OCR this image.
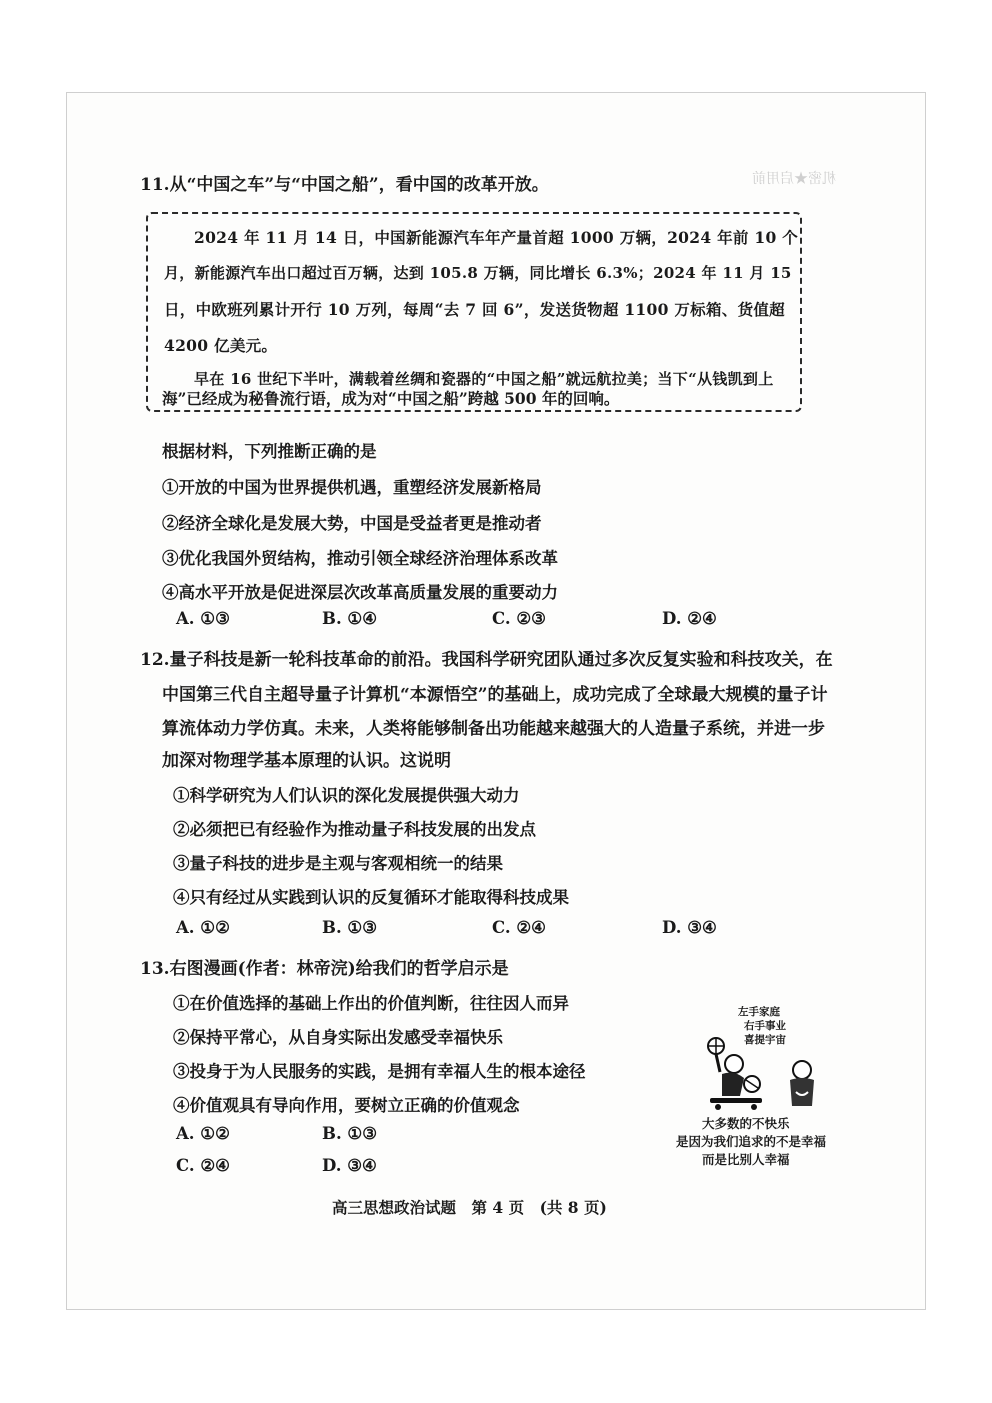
机密★启用前
11.从“中国之车”与“中国之船”，看中国的改革开放。
2024 年 11 月 14 日，中国新能源汽车年产量首超 1000 万辆，2024 年前 10 个
月，新能源汽车出口超过百万辆，达到 105.8 万辆，同比增长 6.3%；2024 年 11 月 15
日，中欧班列累计开行 10 万列，每周“去 7 回 6”，发送货物超 1100 万标箱、货值超
4200 亿美元。
早在 16 世纪下半叶，满载着丝绸和瓷器的“中国之船”就远航拉美；当下“从钱凯到上
海”已经成为秘鲁流行语，成为对“中国之船”跨越 500 年的回响。
根据材料，下列推断正确的是
①开放的中国为世界提供机遇，重塑经济发展新格局
②经济全球化是发展大势，中国是受益者更是推动者
③优化我国外贸结构，推动引领全球经济治理体系改革
④高水平开放是促进深层次改革高质量发展的重要动力
A. ①③	B. ①④	C. ②③	D. ②④
12.量子科技是新一轮科技革命的前沿。我国科学研究团队通过多次反复实验和科技攻关，在
中国第三代自主超导量子计算机“本源悟空”的基础上，成功完成了全球最大规模的量子计
算流体动力学仿真。未来，人类将能够制备出功能越来越强大的人造量子系统，并进一步
加深对物理学基本原理的认识。这说明
①科学研究为人们认识的深化发展提供强大动力
②必须把已有经验作为推动量子科技发展的出发点
③量子科技的进步是主观与客观相统一的结果
④只有经过从实践到认识的反复循环才能取得科技成果
A. ①②	B. ①③	C. ②④	D. ③④
13.右图漫画(作者：林帝浣)给我们的哲学启示是
①在价值选择的基础上作出的价值判断，往往因人而异
②保持平常心，从自身实际出发感受幸福快乐
③投身于为人民服务的实践，是拥有幸福人生的根本途径
④价值观具有导向作用，要树立正确的价值观念
A. ①②	B. ①③
C. ②④	D. ③④
左手家庭
右手事业
喜提宇宙
大多数的不快乐
是因为我们追求的不是幸福
而是比别人幸福
高三思想政治试题　第 4 页　(共 8 页)
